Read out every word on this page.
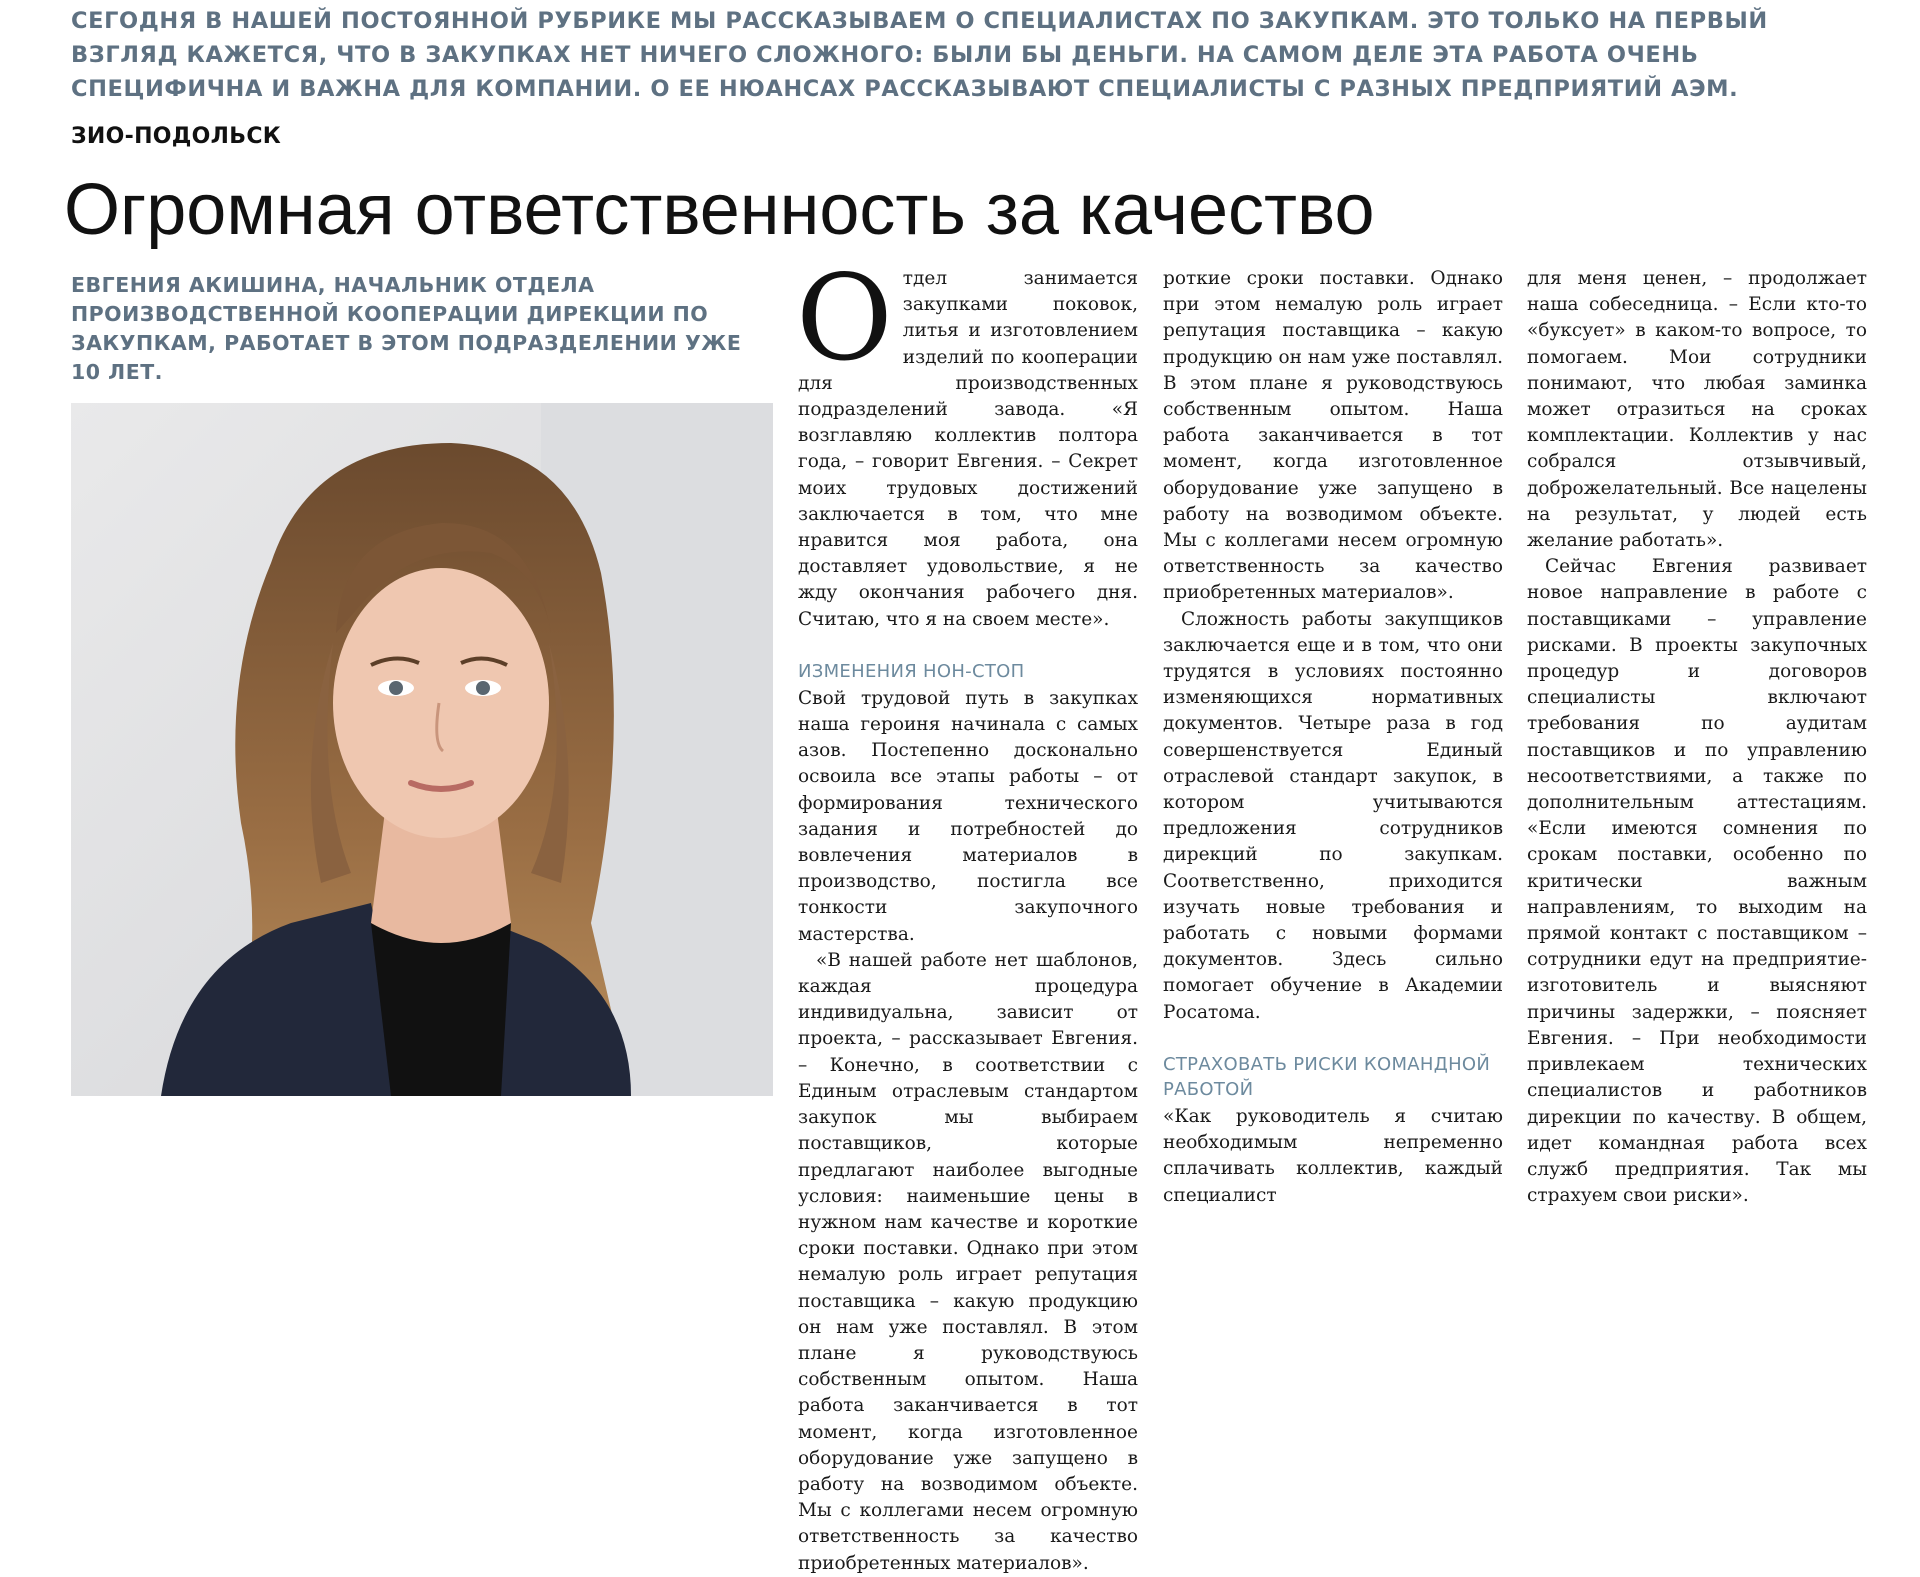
СЕГОДНЯ В НАШЕЙ ПОСТОЯННОЙ РУБРИКЕ МЫ РАССКАЗЫВАЕМ О СПЕЦИАЛИСТАХ ПО ЗАКУПКАМ. ЭТО ТОЛЬКО НА ПЕРВЫЙ ВЗГЛЯД КАЖЕТСЯ, ЧТО В ЗАКУПКАХ НЕТ НИЧЕГО СЛОЖНОГО: БЫЛИ БЫ ДЕНЬГИ. НА САМОМ ДЕЛЕ ЭТА РАБОТА ОЧЕНЬ СПЕЦИФИЧНА И ВАЖНА ДЛЯ КОМПАНИИ. О ЕЕ НЮАНСАХ РАССКАЗЫВАЮТ СПЕЦИАЛИСТЫ С РАЗНЫХ ПРЕДПРИЯТИЙ АЭМ.
ЗИО-ПОДОЛЬСК
Огромная ответственность за качество
ЕВГЕНИЯ АКИШИНА, НАЧАЛЬНИК ОТДЕЛА ПРОИЗВОДСТВЕННОЙ КООПЕРАЦИИ ДИРЕКЦИИ ПО ЗАКУПКАМ, РАБОТАЕТ В ЭТОМ ПОДРАЗДЕЛЕНИИ УЖЕ 10 ЛЕТ.	Отдел занимается закупками поковок, литья и изготовлением изделий по кооперации для производственных подразделений завода. «Я возглавляю коллектив полтора года, – говорит Евгения. – Секрет моих трудовых достижений заключается в том, что мне нравится моя работа, она доставляет удовольствие, я не жду окончания рабочего дня. Считаю, что я на своем месте».

ИЗМЕНЕНИЯ НОН-СТОП

Свой трудовой путь в закупках наша героиня начинала с самых азов. Постепенно досконально освоила все этапы работы – от формирования технического задания и потребностей до вовлечения материалов в производство, постигла все тонкости закупочного мастерства.

«В нашей работе нет шаблонов, каждая процедура индивидуальна, зависит от проекта, – рассказывает Евгения. – Конечно, в соответствии с Единым отраслевым стандартом закупок мы выбираем поставщиков, которые предлагают наиболее выгодные условия: наименьшие цены в нужном нам качестве и короткие сроки поставки. Однако при этом немалую роль играет репутация поставщика – какую продукцию он нам уже поставлял. В этом плане я руководствуюсь собственным опытом. Наша работа заканчивается в тот момент, когда изготовленное оборудование уже запущено в работу на возводимом объекте. Мы с коллегами несем огромную ответственность за качество приобретенных материалов».

роткие сроки поставки. Однако при этом немалую роль играет репутация поставщика – какую продукцию он нам уже поставлял. В этом плане я руководствуюсь собственным опытом. Наша работа заканчивается в тот момент, когда изготовленное оборудование уже запущено в работу на возводимом объекте. Мы с коллегами несем огромную ответственность за качество приобретенных материалов».

Сложность работы закупщиков заключается еще и в том, что они трудятся в условиях постоянно изменяющихся нормативных документов. Четыре раза в год совершенствуется Единый отраслевой стандарт закупок, в котором учитываются предложения сотрудников дирекций по закупкам. Соответственно, приходится изучать новые требования и работать с новыми формами документов. Здесь сильно помогает обучение в Академии Росатома.

СТРАХОВАТЬ РИСКИ КОМАНДНОЙ РАБОТОЙ

«Как руководитель я считаю необходимым непременно сплачивать коллектив, каждый специалист

для меня ценен, – продолжает наша собеседница. – Если кто-то «буксует» в каком-то вопросе, то помогаем. Мои сотрудники понимают, что любая заминка может отразиться на сроках комплектации. Коллектив у нас собрался отзывчивый, доброжелательный. Все нацелены на результат, у людей есть желание работать».

Сейчас Евгения развивает новое направление в работе с поставщиками – управление рисками. В проекты закупочных процедур и договоров специалисты включают требования по аудитам поставщиков и по управлению несоответствиями, а также по дополнительным аттестациям. «Если имеются сомнения по срокам поставки, особенно по критически важным направлениям, то выходим на прямой контакт с поставщиком – сотрудники едут на предприятие-изготовитель и выясняют причины задержки, – поясняет Евгения. – При необходимости привлекаем технических специалистов и работников дирекции по качеству. В общем, идет командная работа всех служб предприятия. Так мы страхуем свои риски».
